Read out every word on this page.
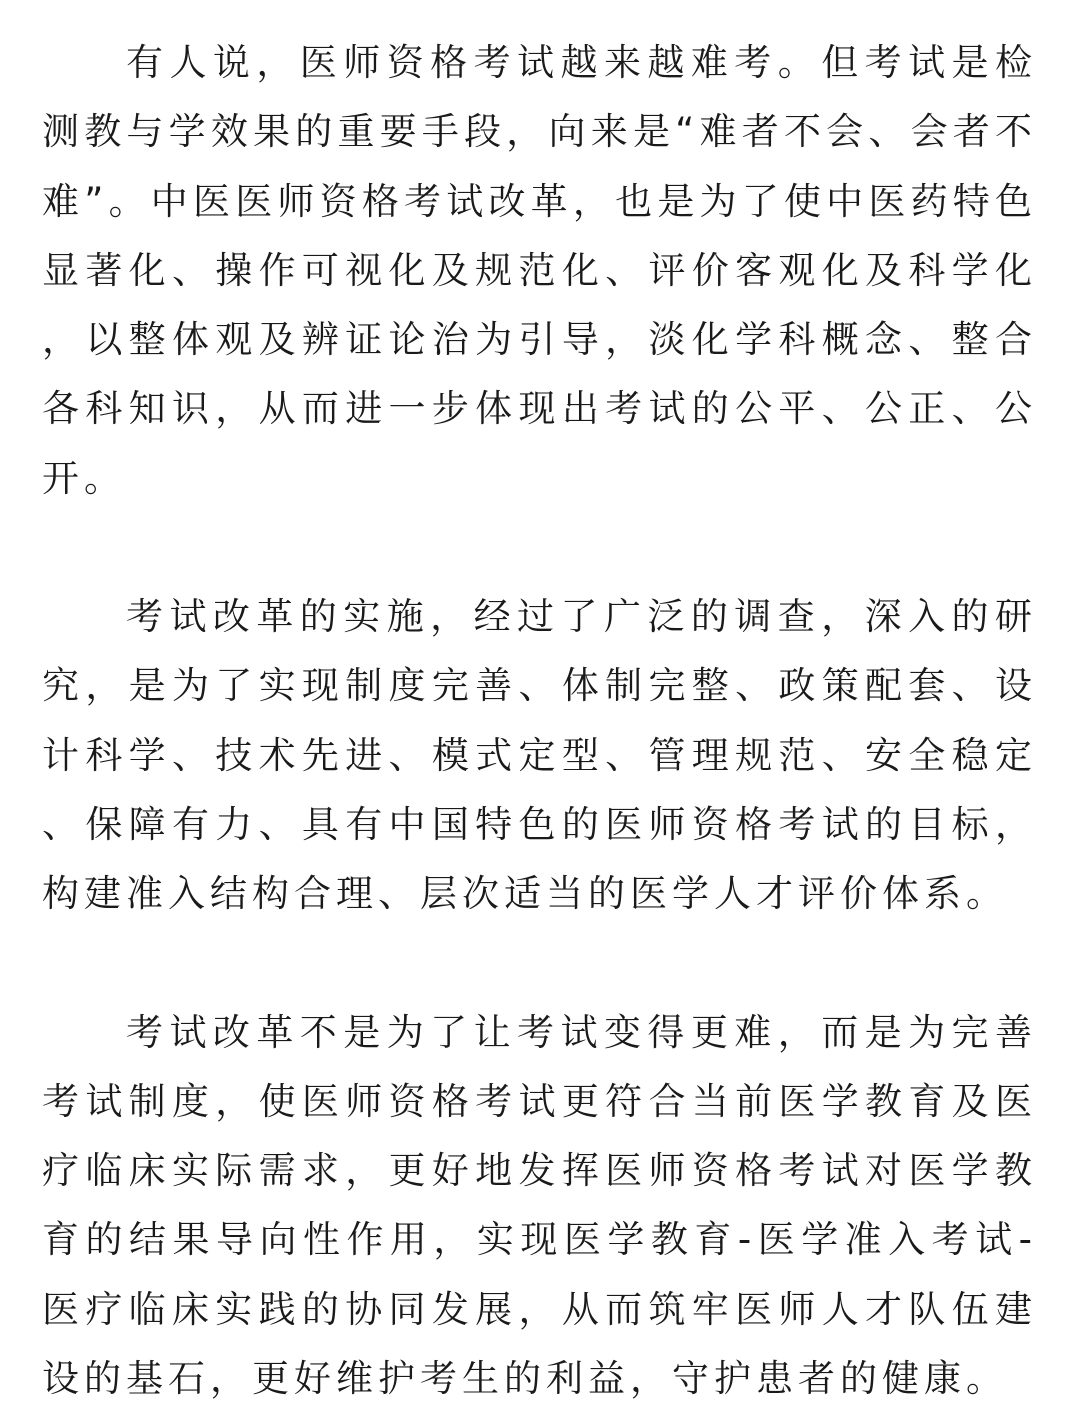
有人说，医师资格考试越来越难考。但考试是检测教与学效果的重要手段，向来是“难者不会、会者不难”。中医医师资格考试改革，也是为了使中医药特色显著化、操作可视化及规范化、评价客观化及科学化，以整体观及辨证论治为引导，淡化学科概念、整合各科知识，从而进一步体现出考试的公平、公正、公开。

考试改革的实施，经过了广泛的调查，深入的研究，是为了实现制度完善、体制完整、政策配套、设计科学、技术先进、模式定型、管理规范、安全稳定、保障有力、具有中国特色的医师资格考试的目标，构建准入结构合理、层次适当的医学人才评价体系。

考试改革不是为了让考试变得更难，而是为完善考试制度，使医师资格考试更符合当前医学教育及医疗临床实际需求，更好地发挥医师资格考试对医学教育的结果导向性作用，实现医学教育-医学准入考试-医疗临床实践的协同发展，从而筑牢医师人才队伍建设的基石，更好维护考生的利益，守护患者的健康。
